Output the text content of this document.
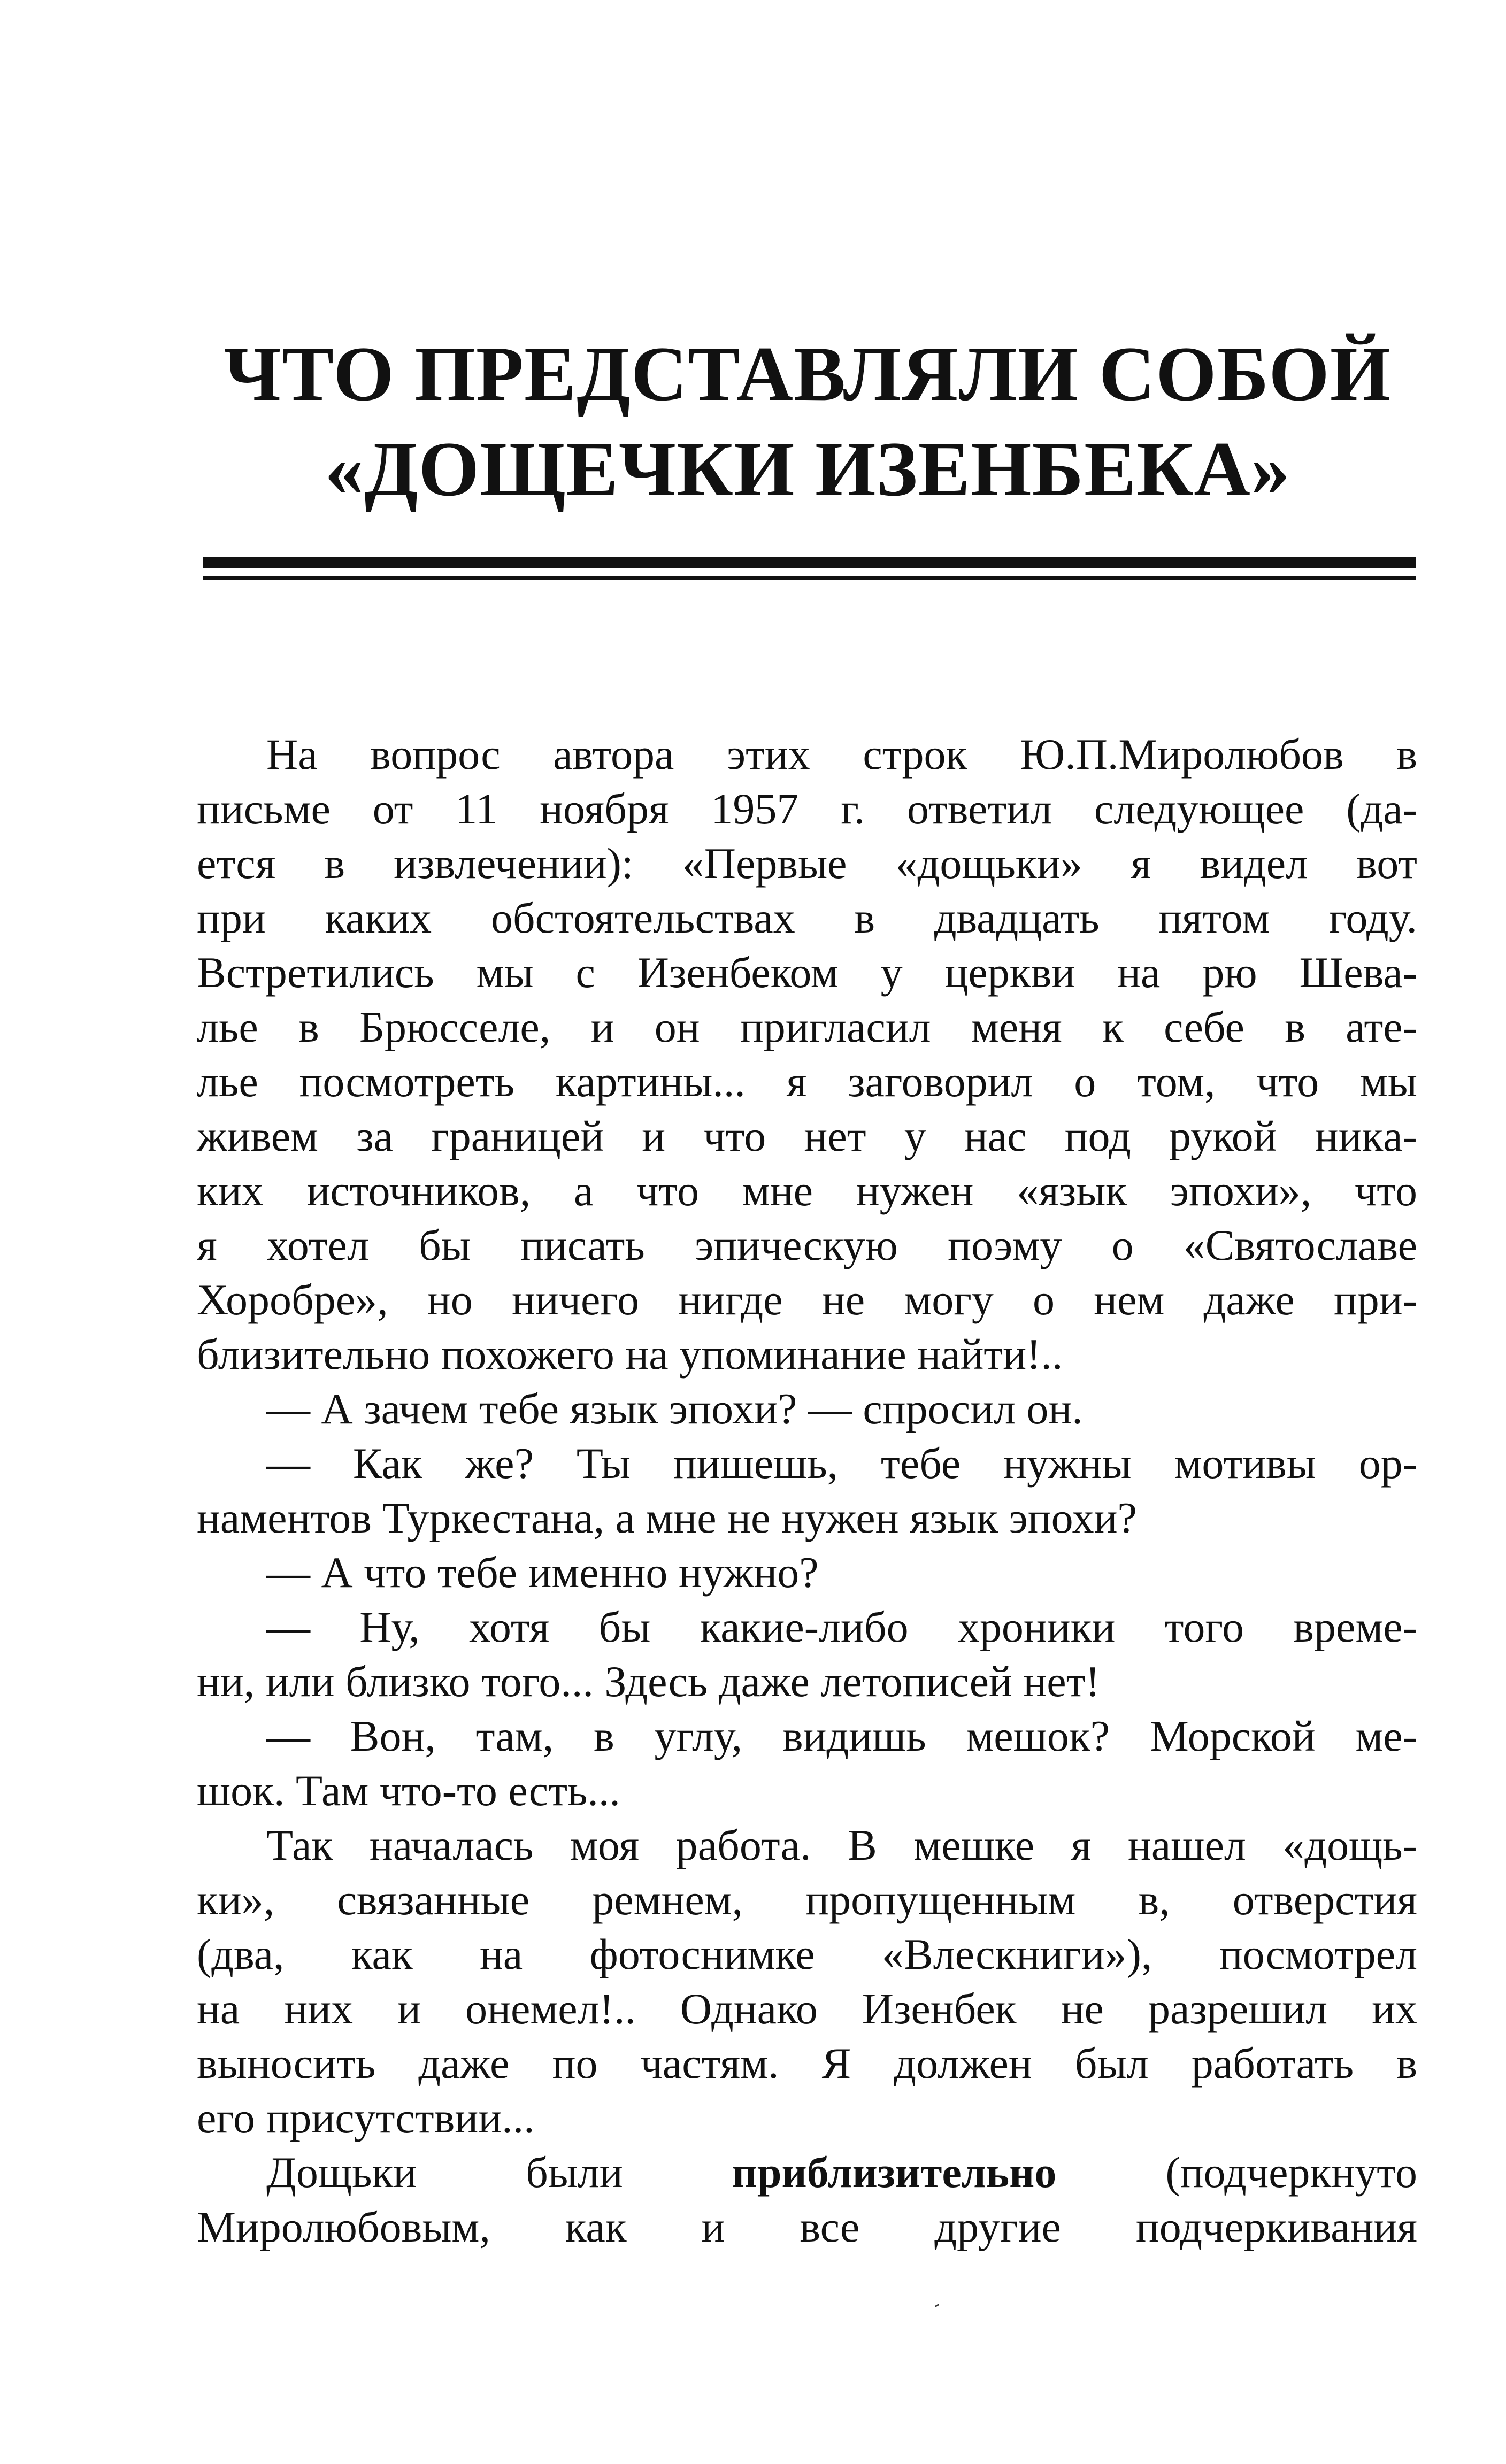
ЧТО ПРЕДСТАВЛЯЛИ СОБОЙ
«ДОЩЕЧКИ ИЗЕНБЕКА»
На вопрос автора этих строк Ю.П.Миролюбов в
письме от 11 ноября 1957 г. ответил следующее (да-
ется в извлечении): «Первые «дощьки» я видел вот
при каких обстоятельствах в двадцать пятом году.
Встретились мы с Изенбеком у церкви на рю Шева-
лье в Брюсселе, и он пригласил меня к себе в ате-
лье посмотреть картины... я заговорил о том, что мы
живем за границей и что нет у нас под рукой никa-
ких источников, а что мне нужен «язык эпохи», что
я хотел бы писать эпическую поэму о «Святославе
Хоробре», но ничего нигде не могу о нем даже при-
близительно похожего на упоминание найти!..
— А зачем тебе язык эпохи? — спросил он.
— Как же? Ты пишешь, тебе нужны мотивы ор-
наментов Туркестана, а мне не нужен язык эпохи?
— А что тебе именно нужно?
— Ну, хотя бы какие-либо хроники того време-
ни, или близко того... Здесь даже летописей нет!
— Вон, там, в углу, видишь мешок? Морской ме-
шок. Там что-то есть...
Так началась моя работа. В мешке я нашел «дощь-
ки», связанные ремнем, пропущенным в, отверстия
(два, как на фотоснимке «Влескниги»), посмотрел
на них и онемел!.. Однако Изенбек не разрешил их
выносить даже по частям. Я должен был работать в
его присутствии...
Дощьки были приблизительно (подчеркнуто
Миролюбовым, как и все другие подчеркивания
